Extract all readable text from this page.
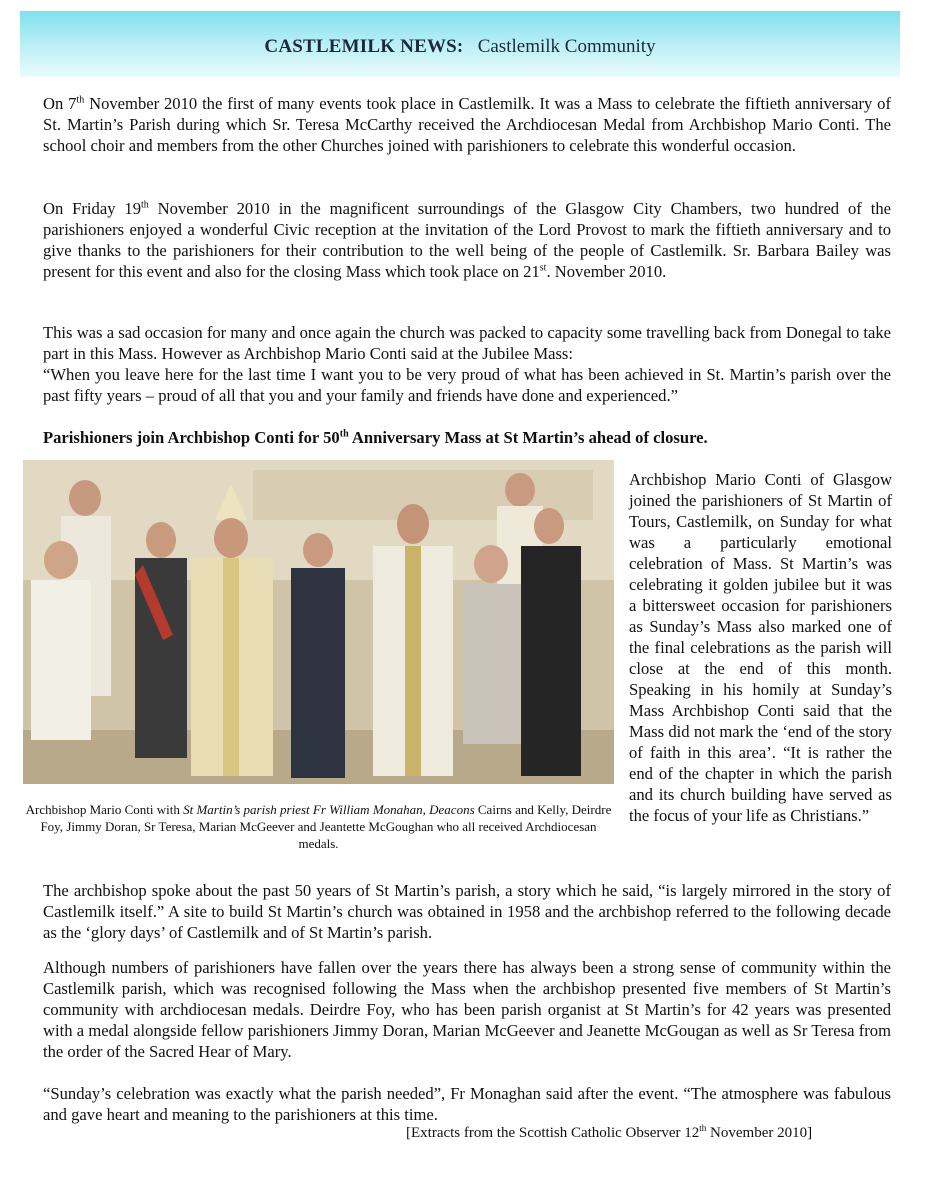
CASTLEMILK NEWS: Castlemilk Community

On 7th November 2010 the first of many events took place in Castlemilk. It was a Mass to celebrate the fiftieth anniversary of St. Martin’s Parish during which Sr. Teresa McCarthy received the Archdiocesan Medal from Archbishop Mario Conti. The school choir and members from the other Churches joined with parishioners to celebrate this wonderful occasion.

On Friday 19th November 2010 in the magnificent surroundings of the Glasgow City Chambers, two hundred of the parishioners enjoyed a wonderful Civic reception at the invitation of the Lord Provost to mark the fiftieth anniversary and to give thanks to the parishioners for their contribution to the well being of the people of Castlemilk. Sr. Barbara Bailey was present for this event and also for the closing Mass which took place on 21st. November 2010.

This was a sad occasion for many and once again the church was packed to capacity some travelling back from Donegal to take part in this Mass. However as Archbishop Mario Conti said at the Jubilee Mass:
“When you leave here for the last time I want you to be very proud of what has been achieved in St. Martin’s parish over the past fifty years – proud of all that you and your family and friends have done and experienced.”

Parishioners join Archbishop Conti for 50th Anniversary Mass at St Martin’s ahead of closure.

Archbishop Mario Conti with St Martin’s parish priest Fr William Monahan, Deacons Cairns and Kelly, Deirdre Foy, Jimmy Doran, Sr Teresa, Marian McGeever and Jeantette McGoughan who all received Archdiocesan medals.

Archbishop Mario Conti of Glasgow joined the parishioners of St Martin of Tours, Castlemilk, on Sunday for what was a particularly emotional celebration of Mass. St Martin’s was celebrating it golden jubilee but it was a bittersweet occasion for parishioners as Sunday’s Mass also marked one of the final celebrations as the parish will close at the end of this month. Speaking in his homily at Sunday’s Mass Archbishop Conti said that the Mass did not mark the ‘end of the story of faith in this area’. “It is rather the end of the chapter in which the parish and its church building have served as the focus of your life as Christians.”

The archbishop spoke about the past 50 years of St Martin’s parish, a story which he said, “is largely mirrored in the story of Castlemilk itself.” A site to build St Martin’s church was obtained in 1958 and the archbishop referred to the following decade as the ‘glory days’ of Castlemilk and of St Martin’s parish.

Although numbers of parishioners have fallen over the years there has always been a strong sense of community within the Castlemilk parish, which was recognised following the Mass when the archbishop presented five members of St Martin’s community with archdiocesan medals. Deirdre Foy, who has been parish organist at St Martin’s for 42 years was presented with a medal alongside fellow parishioners Jimmy Doran, Marian McGeever and Jeanette McGougan as well as Sr Teresa from the order of the Sacred Hear of Mary.

“Sunday’s celebration was exactly what the parish needed”, Fr Monaghan said after the event. “The atmosphere was fabulous and gave heart and meaning to the parishioners at this time.

[Extracts from the Scottish Catholic Observer 12th November 2010]
